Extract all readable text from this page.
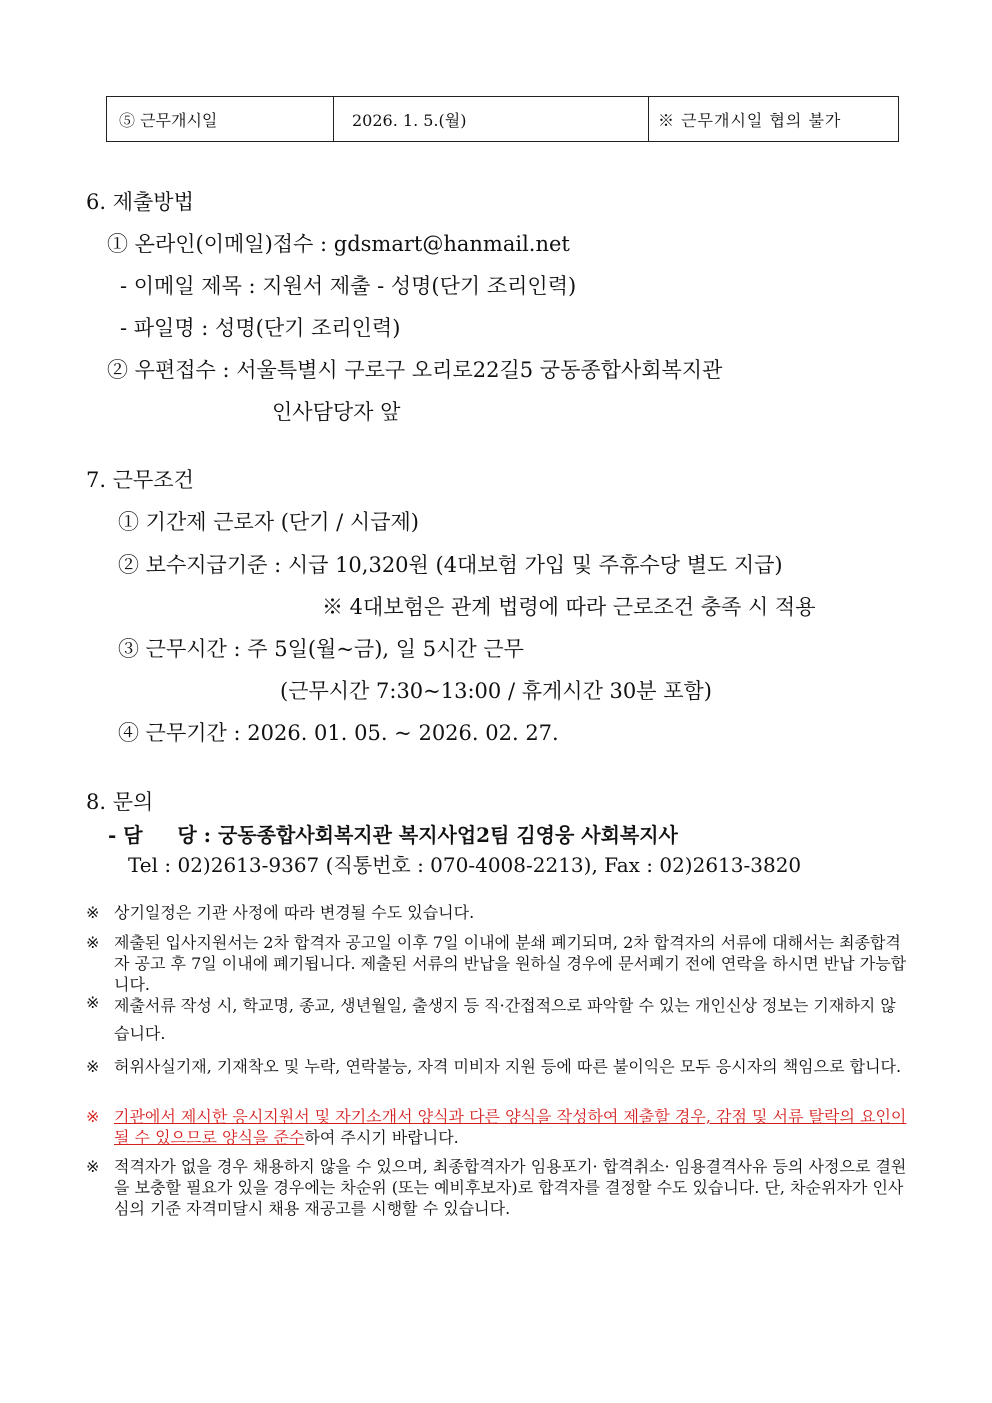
⑤ 근무개시일	2026. 1. 5.(월)	※ 근무개시일 협의 불가
6. 제출방법
① 온라인(이메일)접수 : gdsmart@hanmail.net
- 이메일 제목 : 지원서 제출 - 성명(단기 조리인력)
- 파일명 : 성명(단기 조리인력)
② 우편접수 : 서울특별시 구로구 오리로22길5 궁동종합사회복지관
인사담당자 앞
7. 근무조건
① 기간제 근로자 (단기 / 시급제)
② 보수지급기준 : 시급 10,320원 (4대보험 가입 및 주휴수당 별도 지급)
※ 4대보험은 관계 법령에 따라 근로조건 충족 시 적용
③ 근무시간 : 주 5일(월~금), 일 5시간 근무
(근무시간 7:30~13:00 / 휴게시간 30분 포함)
④ 근무기간 : 2026. 01. 05. ~ 2026. 02. 27.
8. 문의
- 담     당 : 궁동종합사회복지관 복지사업2팀 김영웅 사회복지사
Tel : 02)2613-9367 (직통번호 : 070-4008-2213), Fax : 02)2613-3820
※ 상기일정은 기관 사정에 따라 변경될 수도 있습니다.
※ 제출된 입사지원서는 2차 합격자 공고일 이후 7일 이내에 분쇄 폐기되며, 2차 합격자의 서류에 대해서는 최종합격자 공고 후 7일 이내에 폐기됩니다. 제출된 서류의 반납을 원하실 경우에 문서폐기 전에 연락을 하시면 반납 가능합니다.
※ 제출서류 작성 시, 학교명, 종교, 생년월일, 출생지 등 직·간접적으로 파악할 수 있는 개인신상 정보는 기재하지 않습니다.
※ 허위사실기재, 기재착오 및 누락, 연락불능, 자격 미비자 지원 등에 따른 불이익은 모두 응시자의 책임으로 합니다.
※ 기관에서 제시한 응시지원서 및 자기소개서 양식과 다른 양식을 작성하여 제출할 경우, 감점 및 서류 탈락의 요인이 될 수 있으므로 양식을 준수하여 주시기 바랍니다.
※ 적격자가 없을 경우 채용하지 않을 수 있으며, 최종합격자가 임용포기· 합격취소· 임용결격사유 등의 사정으로 결원을 보충할 필요가 있을 경우에는 차순위 (또는 예비후보자)로 합격자를 결정할 수도 있습니다. 단, 차순위자가 인사심의 기준 자격미달시 채용 재공고를 시행할 수 있습니다.
